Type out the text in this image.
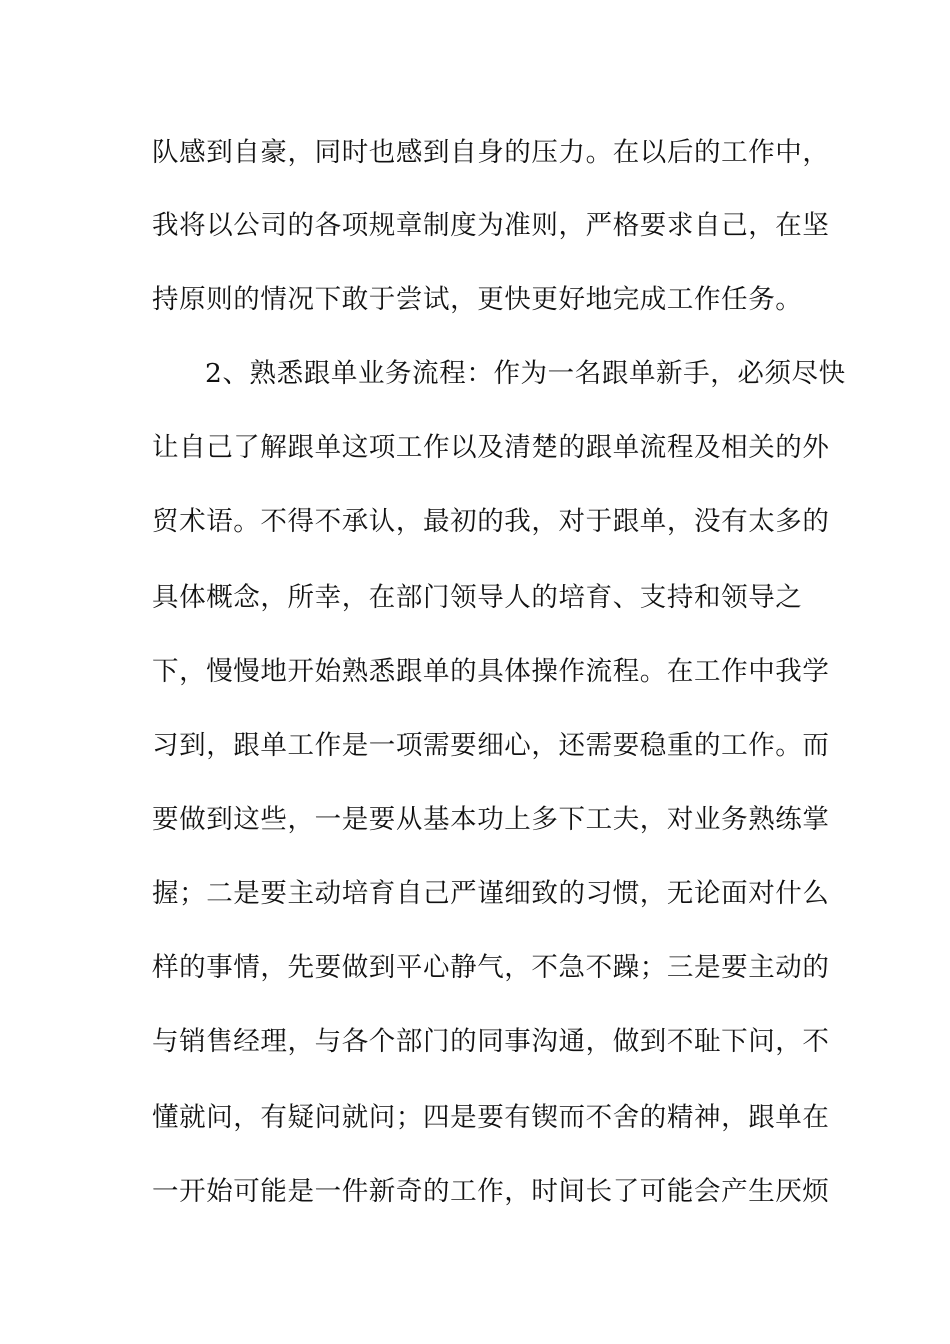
队感到自豪，同时也感到自身的压力。在以后的工作中，
我将以公司的各项规章制度为准则，严格要求自己，在坚
持原则的情况下敢于尝试，更快更好地完成工作任务。
2、熟悉跟单业务流程：作为一名跟单新手，必须尽快
让自己了解跟单这项工作以及清楚的跟单流程及相关的外
贸术语。不得不承认，最初的我，对于跟单，没有太多的
具体概念，所幸，在部门领导人的培育、支持和领导之
下，慢慢地开始熟悉跟单的具体操作流程。在工作中我学
习到，跟单工作是一项需要细心，还需要稳重的工作。而
要做到这些，一是要从基本功上多下工夫，对业务熟练掌
握；二是要主动培育自己严谨细致的习惯，无论面对什么
样的事情，先要做到平心静气，不急不躁；三是要主动的
与销售经理，与各个部门的同事沟通，做到不耻下问，不
懂就问，有疑问就问；四是要有锲而不舍的精神，跟单在
一开始可能是一件新奇的工作，时间长了可能会产生厌烦
